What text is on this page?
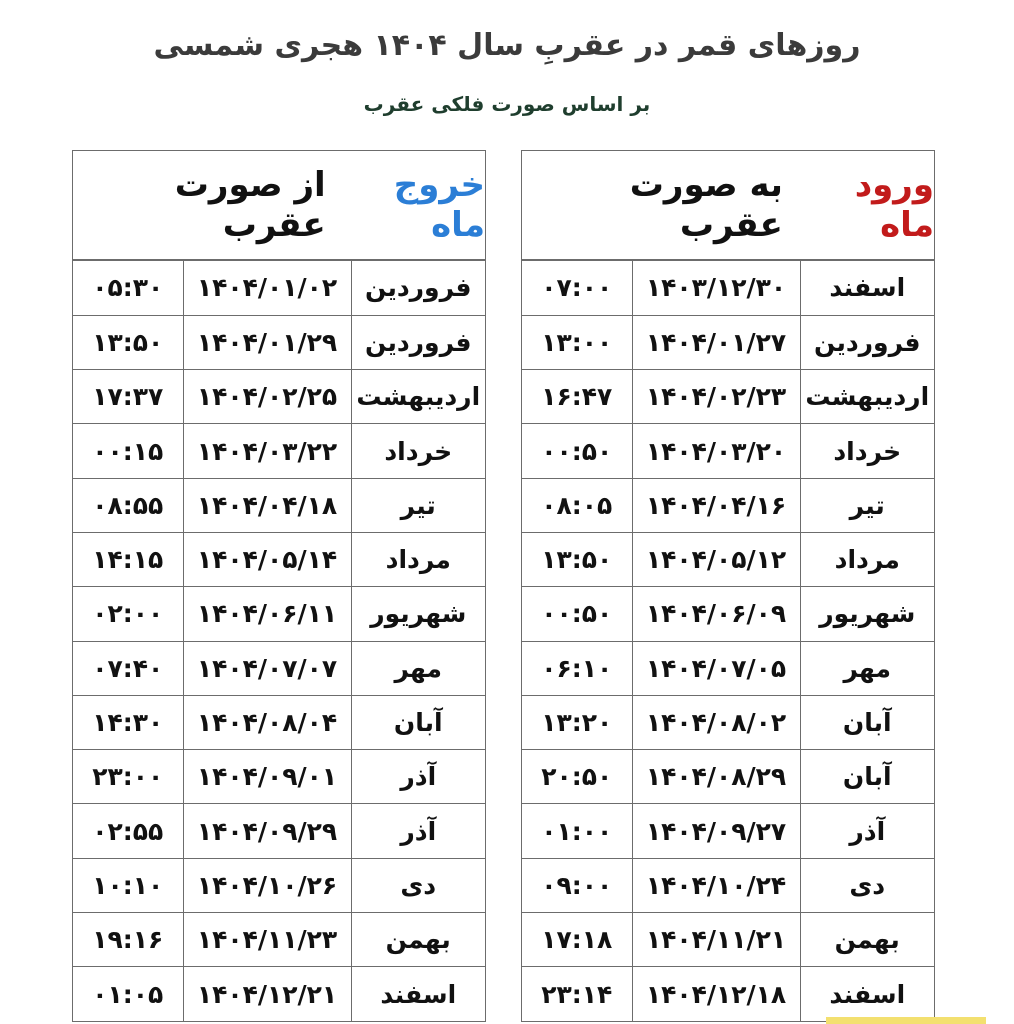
روزهای قمر در عقربِ سال ۱۴۰۴ هجری شمسی
بر اساس صورت فلکی عقرب
خروج ماه
از صورت عقرب
فروردین	۱۴۰۴/۰۱/۰۲	۰۵:۳۰
فروردین	۱۴۰۴/۰۱/۲۹	۱۳:۵۰
اردیبهشت	۱۴۰۴/۰۲/۲۵	۱۷:۳۷
خرداد	۱۴۰۴/۰۳/۲۲	۰۰:۱۵
تیر	۱۴۰۴/۰۴/۱۸	۰۸:۵۵
مرداد	۱۴۰۴/۰۵/۱۴	۱۴:۱۵
شهریور	۱۴۰۴/۰۶/۱۱	۰۲:۰۰
مهر	۱۴۰۴/۰۷/۰۷	۰۷:۴۰
آبان	۱۴۰۴/۰۸/۰۴	۱۴:۳۰
آذر	۱۴۰۴/۰۹/۰۱	۲۳:۰۰
آذر	۱۴۰۴/۰۹/۲۹	۰۲:۵۵
دی	۱۴۰۴/۱۰/۲۶	۱۰:۱۰
بهمن	۱۴۰۴/۱۱/۲۳	۱۹:۱۶
اسفند	۱۴۰۴/۱۲/۲۱	۰۱:۰۵
ورود ماه
به صورت عقرب
اسفند	۱۴۰۳/۱۲/۳۰	۰۷:۰۰
فروردین	۱۴۰۴/۰۱/۲۷	۱۳:۰۰
اردیبهشت	۱۴۰۴/۰۲/۲۳	۱۶:۴۷
خرداد	۱۴۰۴/۰۳/۲۰	۰۰:۵۰
تیر	۱۴۰۴/۰۴/۱۶	۰۸:۰۵
مرداد	۱۴۰۴/۰۵/۱۲	۱۳:۵۰
شهریور	۱۴۰۴/۰۶/۰۹	۰۰:۵۰
مهر	۱۴۰۴/۰۷/۰۵	۰۶:۱۰
آبان	۱۴۰۴/۰۸/۰۲	۱۳:۲۰
آبان	۱۴۰۴/۰۸/۲۹	۲۰:۵۰
آذر	۱۴۰۴/۰۹/۲۷	۰۱:۰۰
دی	۱۴۰۴/۱۰/۲۴	۰۹:۰۰
بهمن	۱۴۰۴/۱۱/۲۱	۱۷:۱۸
اسفند	۱۴۰۴/۱۲/۱۸	۲۳:۱۴
